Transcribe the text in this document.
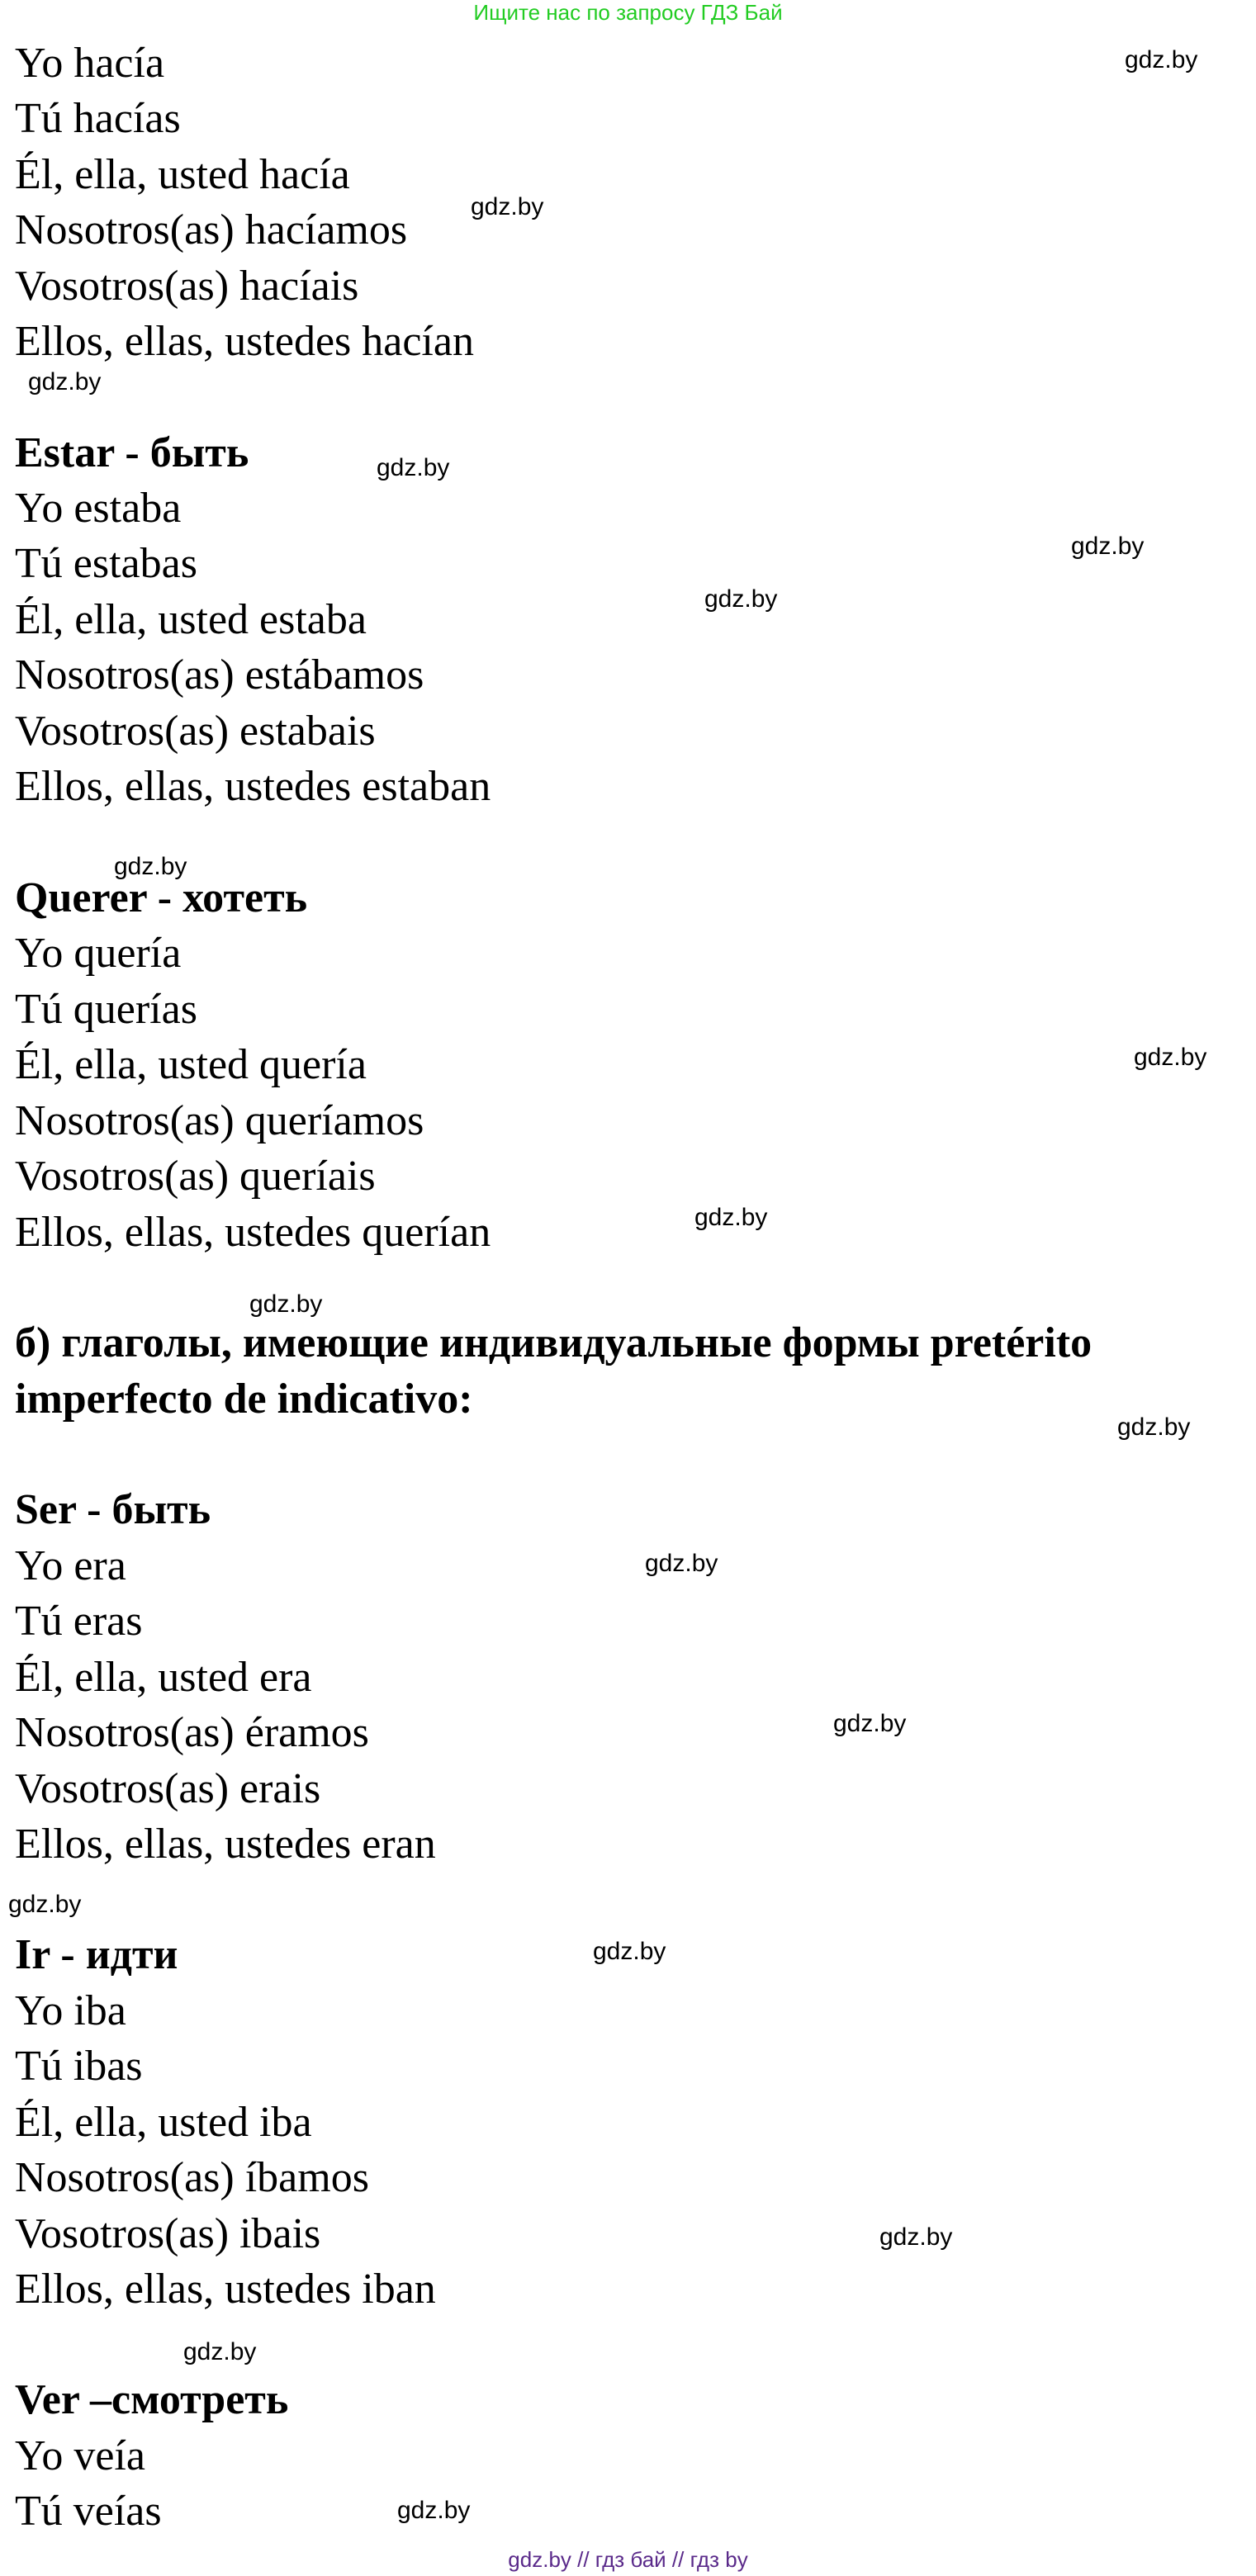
Ищите нас по запросу ГДЗ Бай
Yo hacía
Tú hacías
Él, ella, usted hacía
Nosotros(as) hacíamos
Vosotros(as) hacíais
Ellos, ellas, ustedes hacían
Estar - быть
Yo estaba
Tú estabas
Él, ella, usted estaba
Nosotros(as) estábamos
Vosotros(as) estabais
Ellos, ellas, ustedes estaban
Querer - хотеть
Yo quería
Tú querías
Él, ella, usted quería
Nosotros(as) queríamos
Vosotros(as) queríais
Ellos, ellas, ustedes querían
б) глаголы, имеющие индивидуальные формы pretérito
imperfecto de indicativo:
Ser - быть
Yo era
Tú eras
Él, ella, usted era
Nosotros(as) éramos
Vosotros(as) erais
Ellos, ellas, ustedes eran
Ir - идти
Yo iba
Tú ibas
Él, ella, usted iba
Nosotros(as) íbamos
Vosotros(as) ibais
Ellos, ellas, ustedes iban
Ver –смотреть
Yo veía
Tú veías
gdz.by
gdz.by
gdz.by
gdz.by
gdz.by
gdz.by
gdz.by
gdz.by
gdz.by
gdz.by
gdz.by
gdz.by
gdz.by
gdz.by
gdz.by
gdz.by
gdz.by
gdz.by
gdz.by // гдз бай // гдз by
